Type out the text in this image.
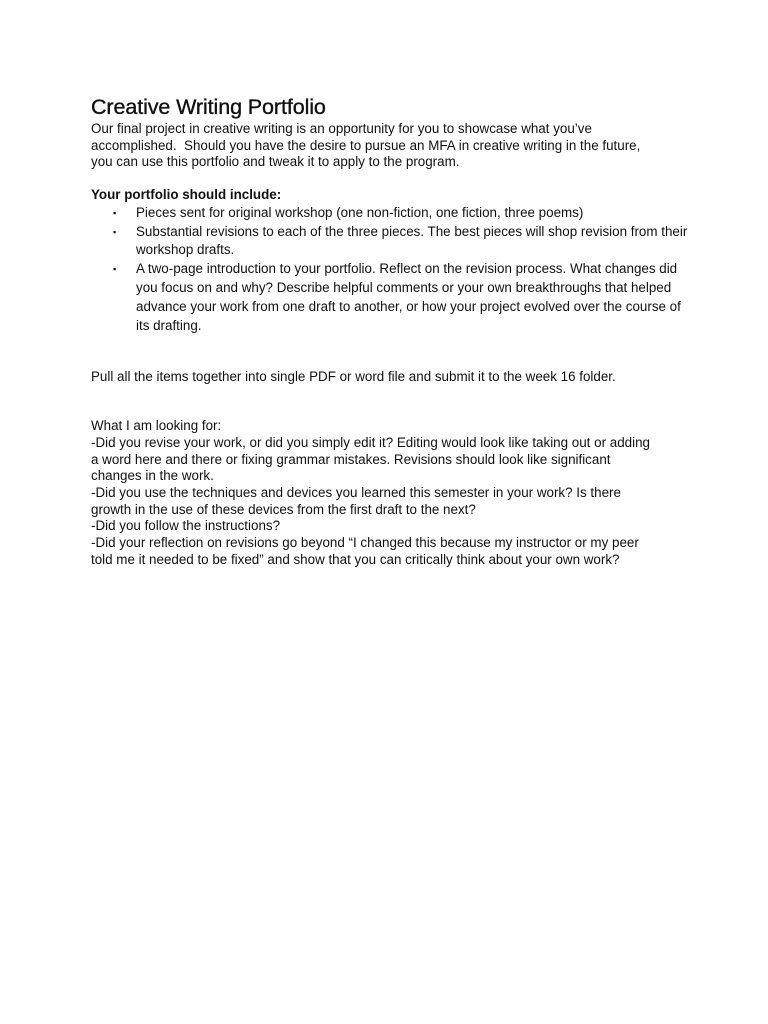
Creative Writing Portfolio

Our final project in creative writing is an opportunity for you to showcase what you’ve
accomplished.  Should you have the desire to pursue an MFA in creative writing in the future,
you can use this portfolio and tweak it to apply to the program.

Your portfolio should include:

▪ Pieces sent for original workshop (one non-fiction, one fiction, three poems)
▪ Substantial revisions to each of the three pieces. The best pieces will shop revision from their workshop drafts.
▪ A two-page introduction to your portfolio. Reflect on the revision process. What changes did you focus on and why? Describe helpful comments or your own breakthroughs that helped advance your work from one draft to another, or how your project evolved over the course of its drafting.

Pull all the items together into single PDF or word file and submit it to the week 16 folder.

What I am looking for:
-Did you revise your work, or did you simply edit it? Editing would look like taking out or adding
a word here and there or fixing grammar mistakes. Revisions should look like significant
changes in the work.
-Did you use the techniques and devices you learned this semester in your work? Is there
growth in the use of these devices from the first draft to the next?
-Did you follow the instructions?
-Did your reflection on revisions go beyond “I changed this because my instructor or my peer
told me it needed to be fixed” and show that you can critically think about your own work?
